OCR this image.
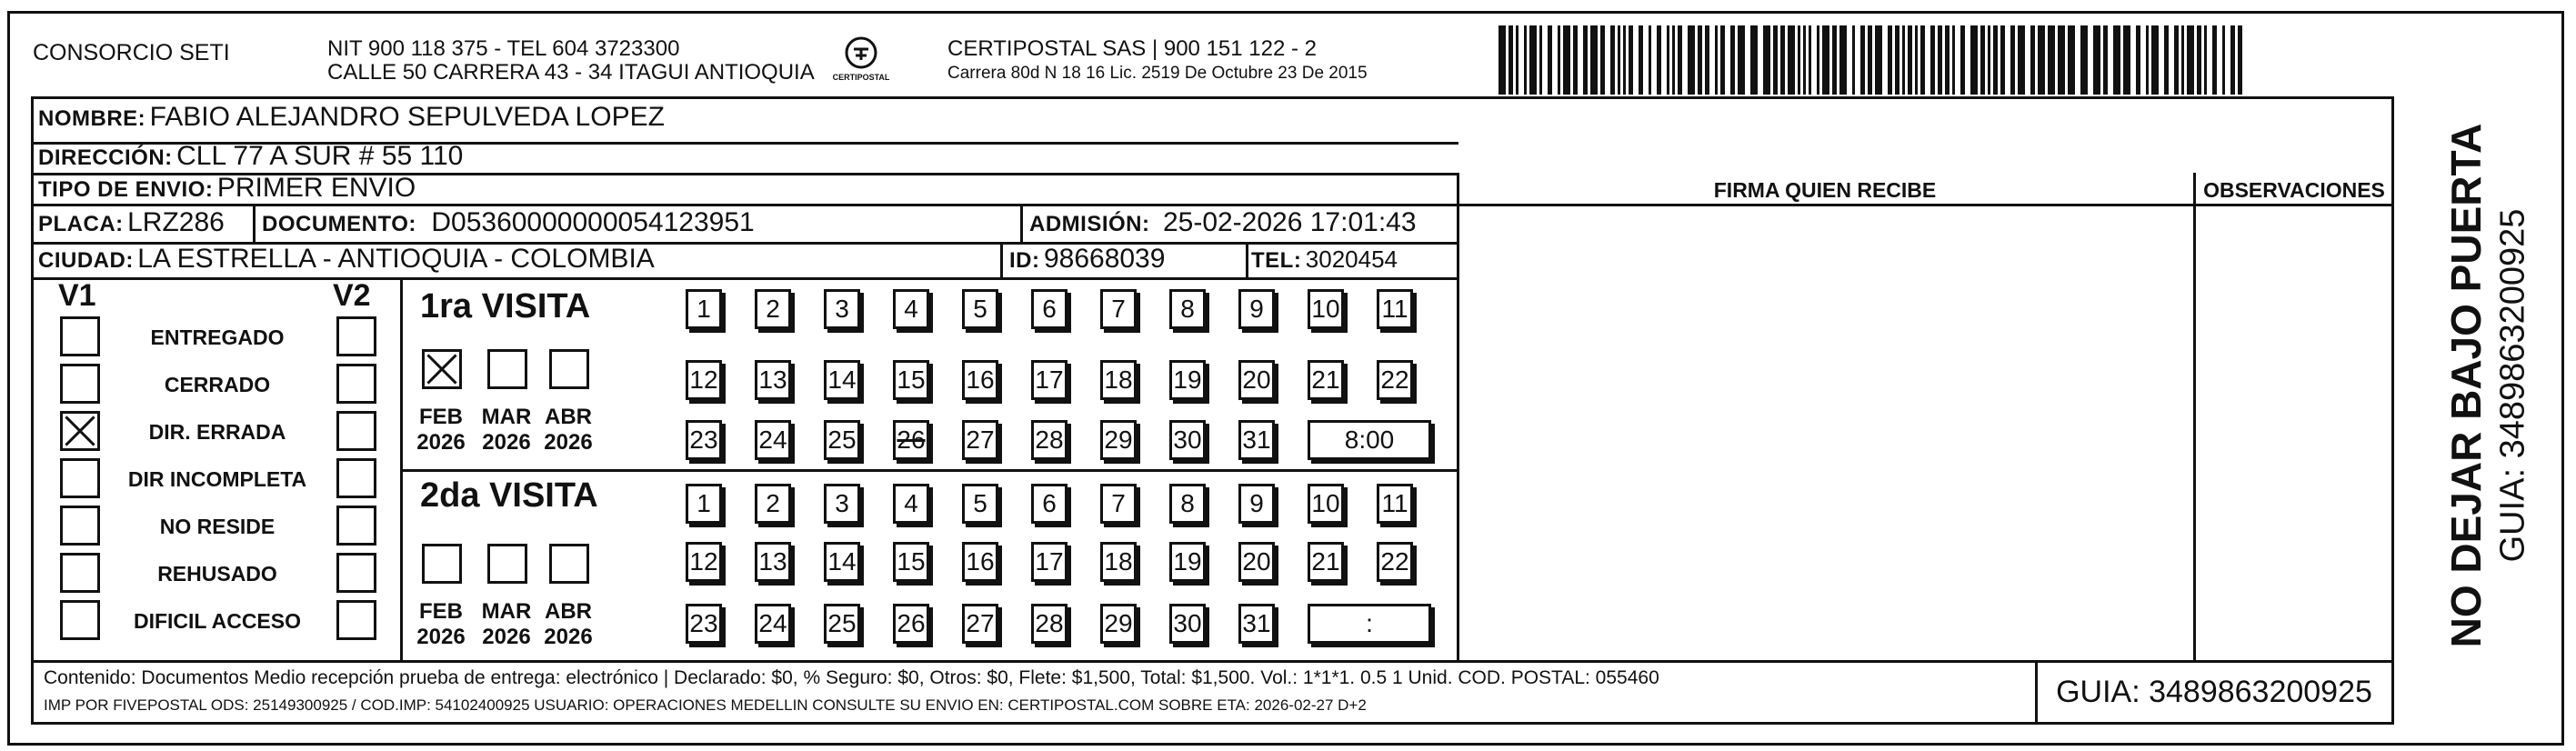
CONSORCIO SETI	NIT 900 118 375 - TEL 604 3723300
CALLE 50 CARRERA 43 - 34 ITAGUI ANTIOQUIA	CERTIPOSTAL
CERTIPOSTAL SAS | 900 151 122 - 2
Carrera 80d N 18 16 Lic. 2519 De Octubre 23 De 2015
NOMBRE: FABIO ALEJANDRO SEPULVEDA LOPEZ
DIRECCIÓN: CLL 77 A SUR # 55 110
TIPO DE ENVIO: PRIMER ENVIO
PLACA: LRZ286 DOCUMENTO: D05360000000054123951	ADMISIÓN: 25-02-2026 17:01:43
CIUDAD: LA ESTRELLA - ANTIOQUIA - COLOMBIA	ID: 98668039	TEL: 3020454
FIRMA QUIEN RECIBE	OBSERVACIONES
V1	V2
ENTREGADO
CERRADO
DIR. ERRADA
DIR INCOMPLETA
NO RESIDE
REHUSADO
DIFICIL ACCESO
1ra VISITA
2da VISITA
FEB
2026
MAR
2026
ABR
2026
FEB
2026
MAR
2026
ABR
2026
1	2	3	4	5	6	7	8	9	10 11
12 13 14 15 16 17 18 19 20 21 22
23 24 25 26 27 28 29 30 31	8:00
1	2	3	4	5	6	7	8	9	10 11
12 13 14 15 16 17 18 19 20 21 22
23 24 25 26 27 28 29 30 31	:
Contenido: Documentos Medio recepción prueba de entrega: electrónico | Declarado: $0, % Seguro: $0, Otros: $0, Flete: $1,500, Total: $1,500. Vol.: 1*1*1. 0.5 1 Unid. COD. POSTAL: 055460
IMP POR FIVEPOSTAL ODS: 25149300925 / COD.IMP: 54102400925 USUARIO: OPERACIONES MEDELLIN CONSULTE SU ENVIO EN: CERTIPOSTAL.COM SOBRE ETA: 2026-02-27 D+2	GUIA: 3489863200925
NO DEJAR BAJO PUERTA GUIA: 3489863200925
